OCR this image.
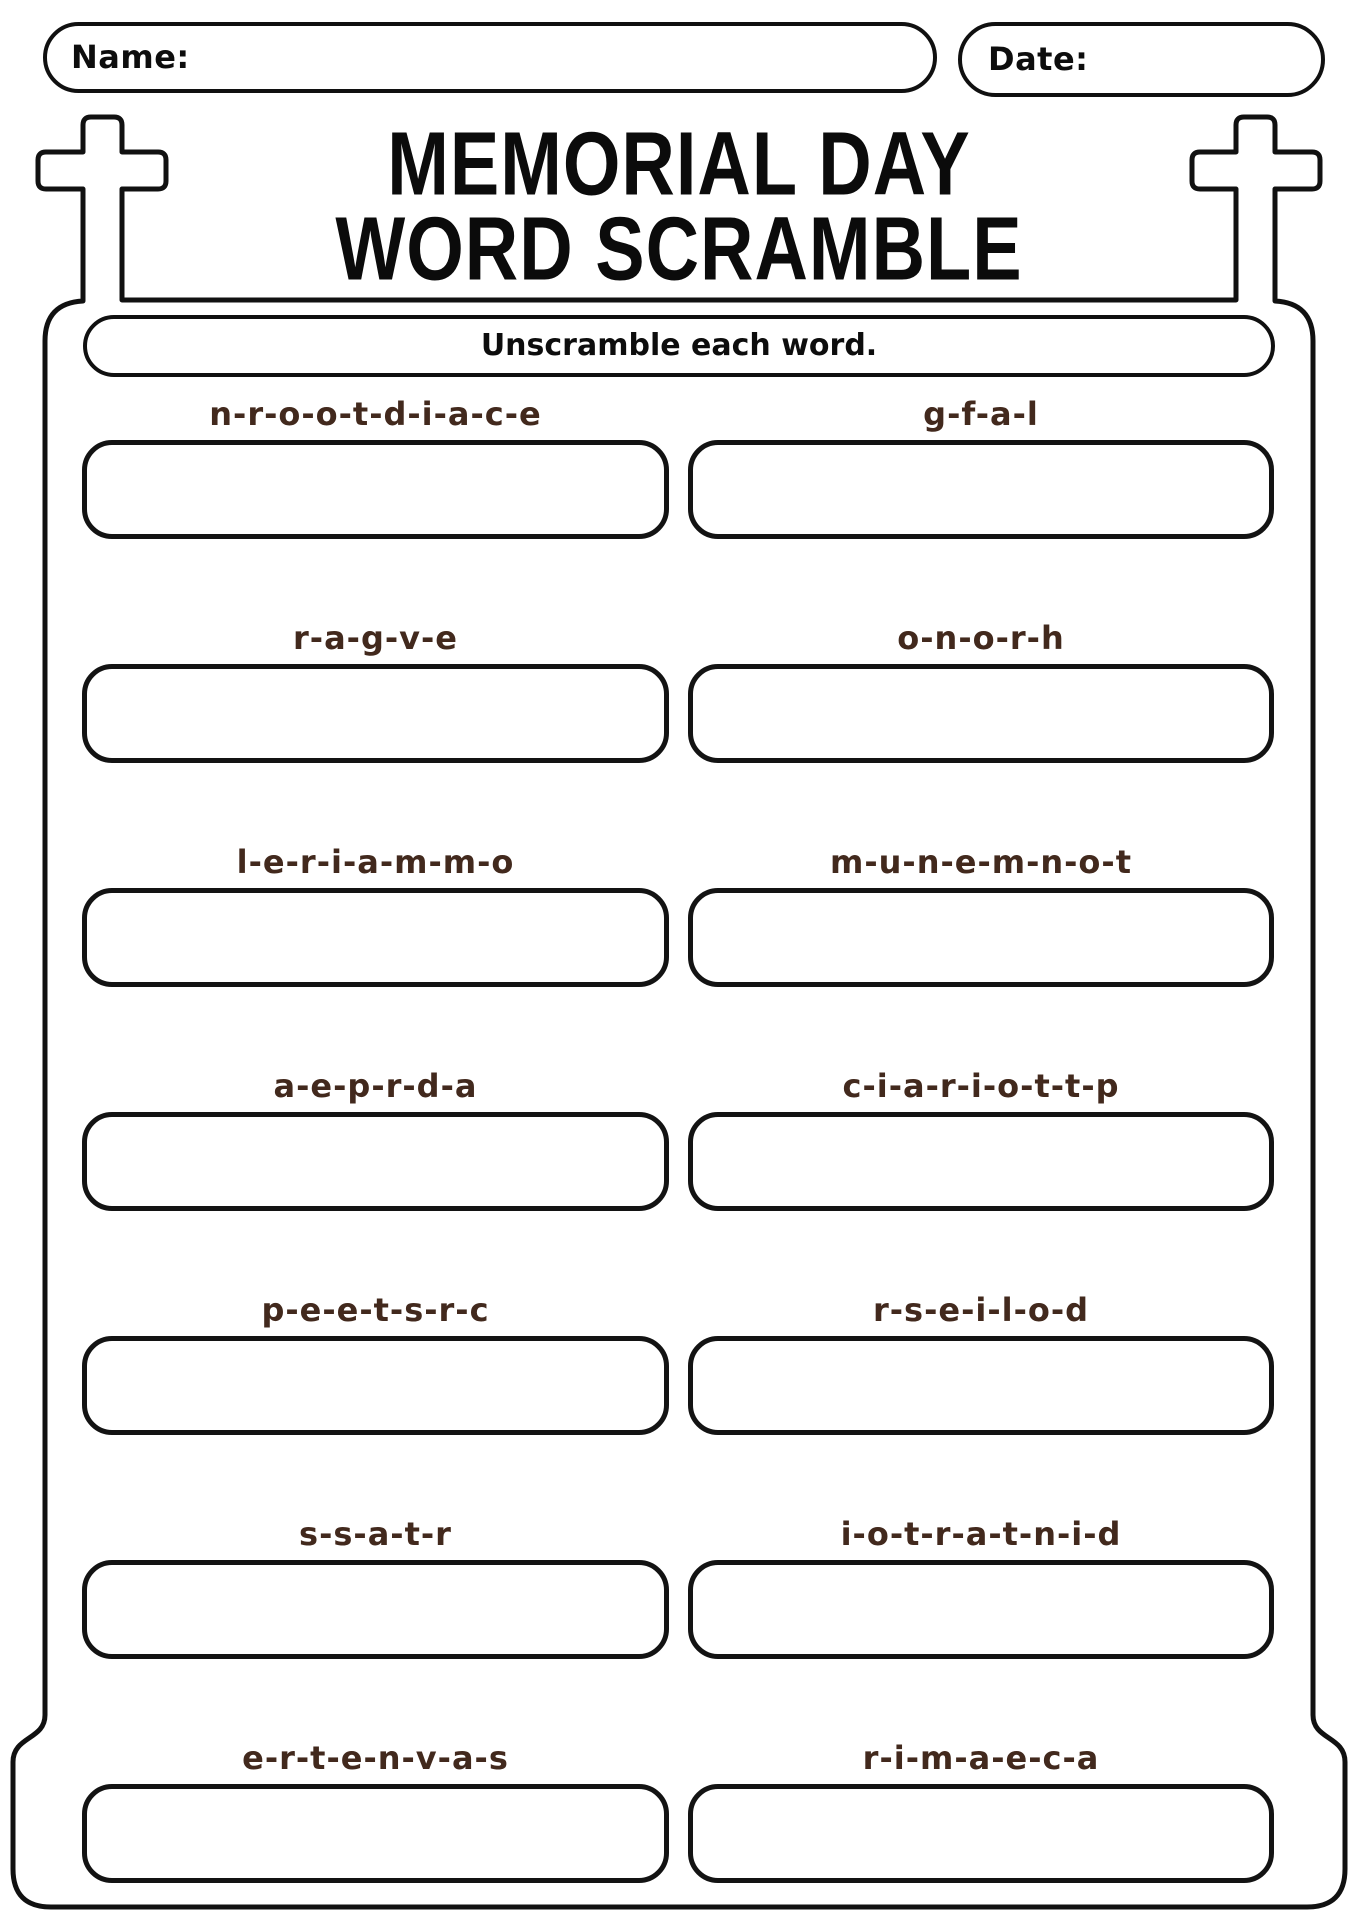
Name:	Date:
MEMORIAL DAY
WORD SCRAMBLE
Unscramble each word.
n-r-o-o-t-d-i-a-c-e	g-f-a-l
r-a-g-v-e	o-n-o-r-h
l-e-r-i-a-m-m-o	m-u-n-e-m-n-o-t
a-e-p-r-d-a	c-i-a-r-i-o-t-t-p
p-e-e-t-s-r-c	r-s-e-i-l-o-d
s-s-a-t-r	i-o-t-r-a-t-n-i-d
e-r-t-e-n-v-a-s	r-i-m-a-e-c-a
